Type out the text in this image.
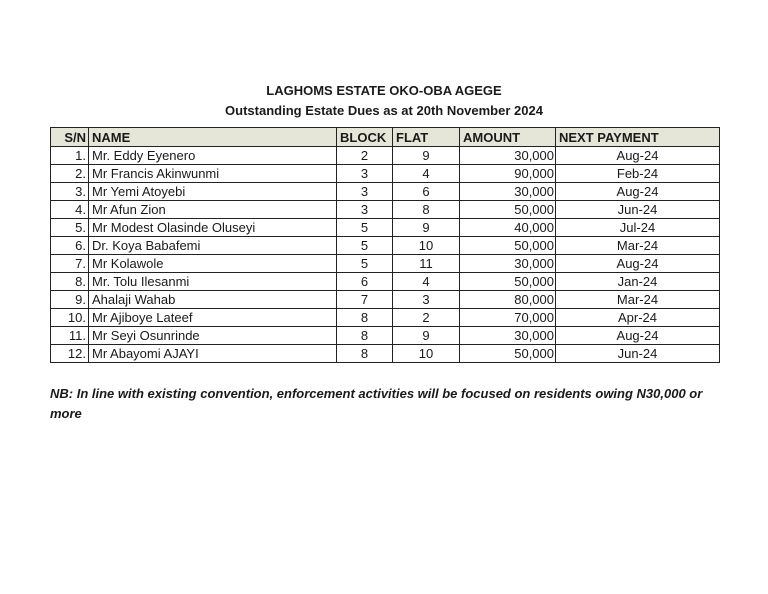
LAGHOMS ESTATE OKO-OBA AGEGE
Outstanding Estate Dues as at 20th November 2024
S/N	NAME	BLOCK	FLAT	AMOUNT	NEXT PAYMENT
1.	Mr. Eddy Eyenero	2	9	30,000	Aug-24
2.	Mr Francis Akinwunmi	3	4	90,000	Feb-24
3.	Mr Yemi Atoyebi	3	6	30,000	Aug-24
4.	Mr Afun Zion	3	8	50,000	Jun-24
5.	Mr Modest Olasinde Oluseyi	5	9	40,000	Jul-24
6.	Dr. Koya Babafemi	5	10	50,000	Mar-24
7.	Mr Kolawole	5	11	30,000	Aug-24
8.	Mr. Tolu Ilesanmi	6	4	50,000	Jan-24
9.	Ahalaji Wahab	7	3	80,000	Mar-24
10.	Mr Ajiboye Lateef	8	2	70,000	Apr-24
11.	Mr Seyi Osunrinde	8	9	30,000	Aug-24
12.	Mr Abayomi AJAYI	8	10	50,000	Jun-24
NB: In line with existing convention, enforcement activities will be focused on residents owing N30,000 or more
